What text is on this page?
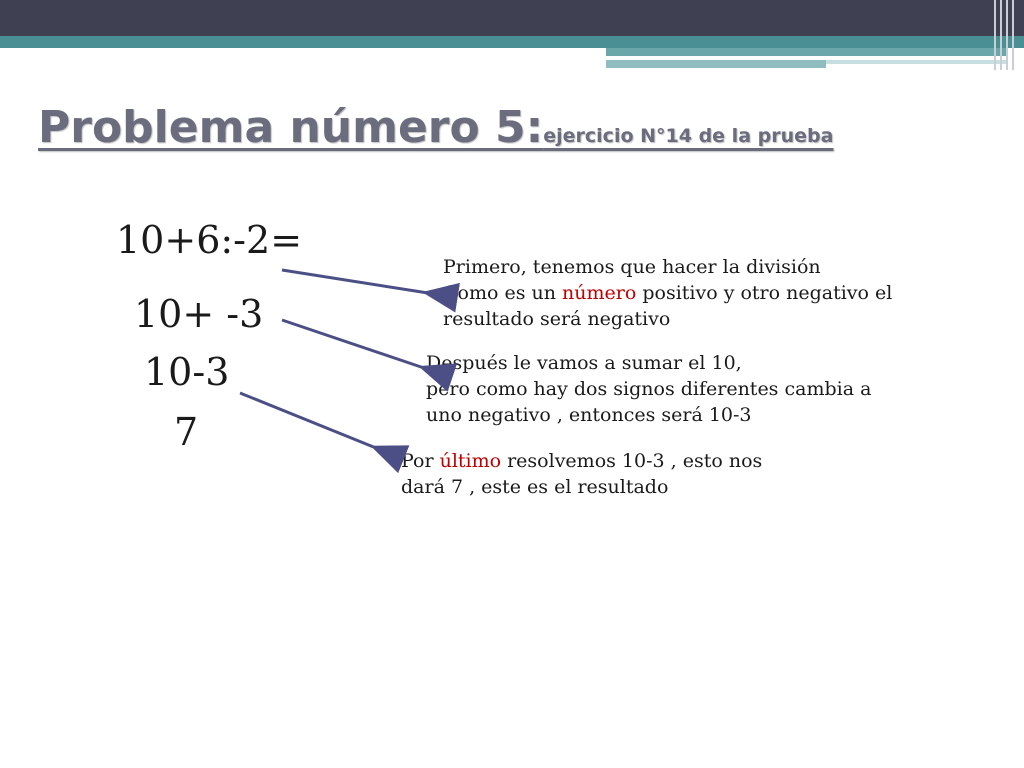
Problema número 5:ejercicio N°14 de la prueba
10+6:-2=
10+ -3
10-3
7
Primero, tenemos que hacer la división
Como es un número positivo y otro negativo el
resultado será negativo
Después le vamos a sumar el 10,
pero como hay dos signos diferentes cambia a
uno negativo , entonces será 10-3
Por último resolvemos 10-3 , esto nos
dará 7 , este es el resultado
